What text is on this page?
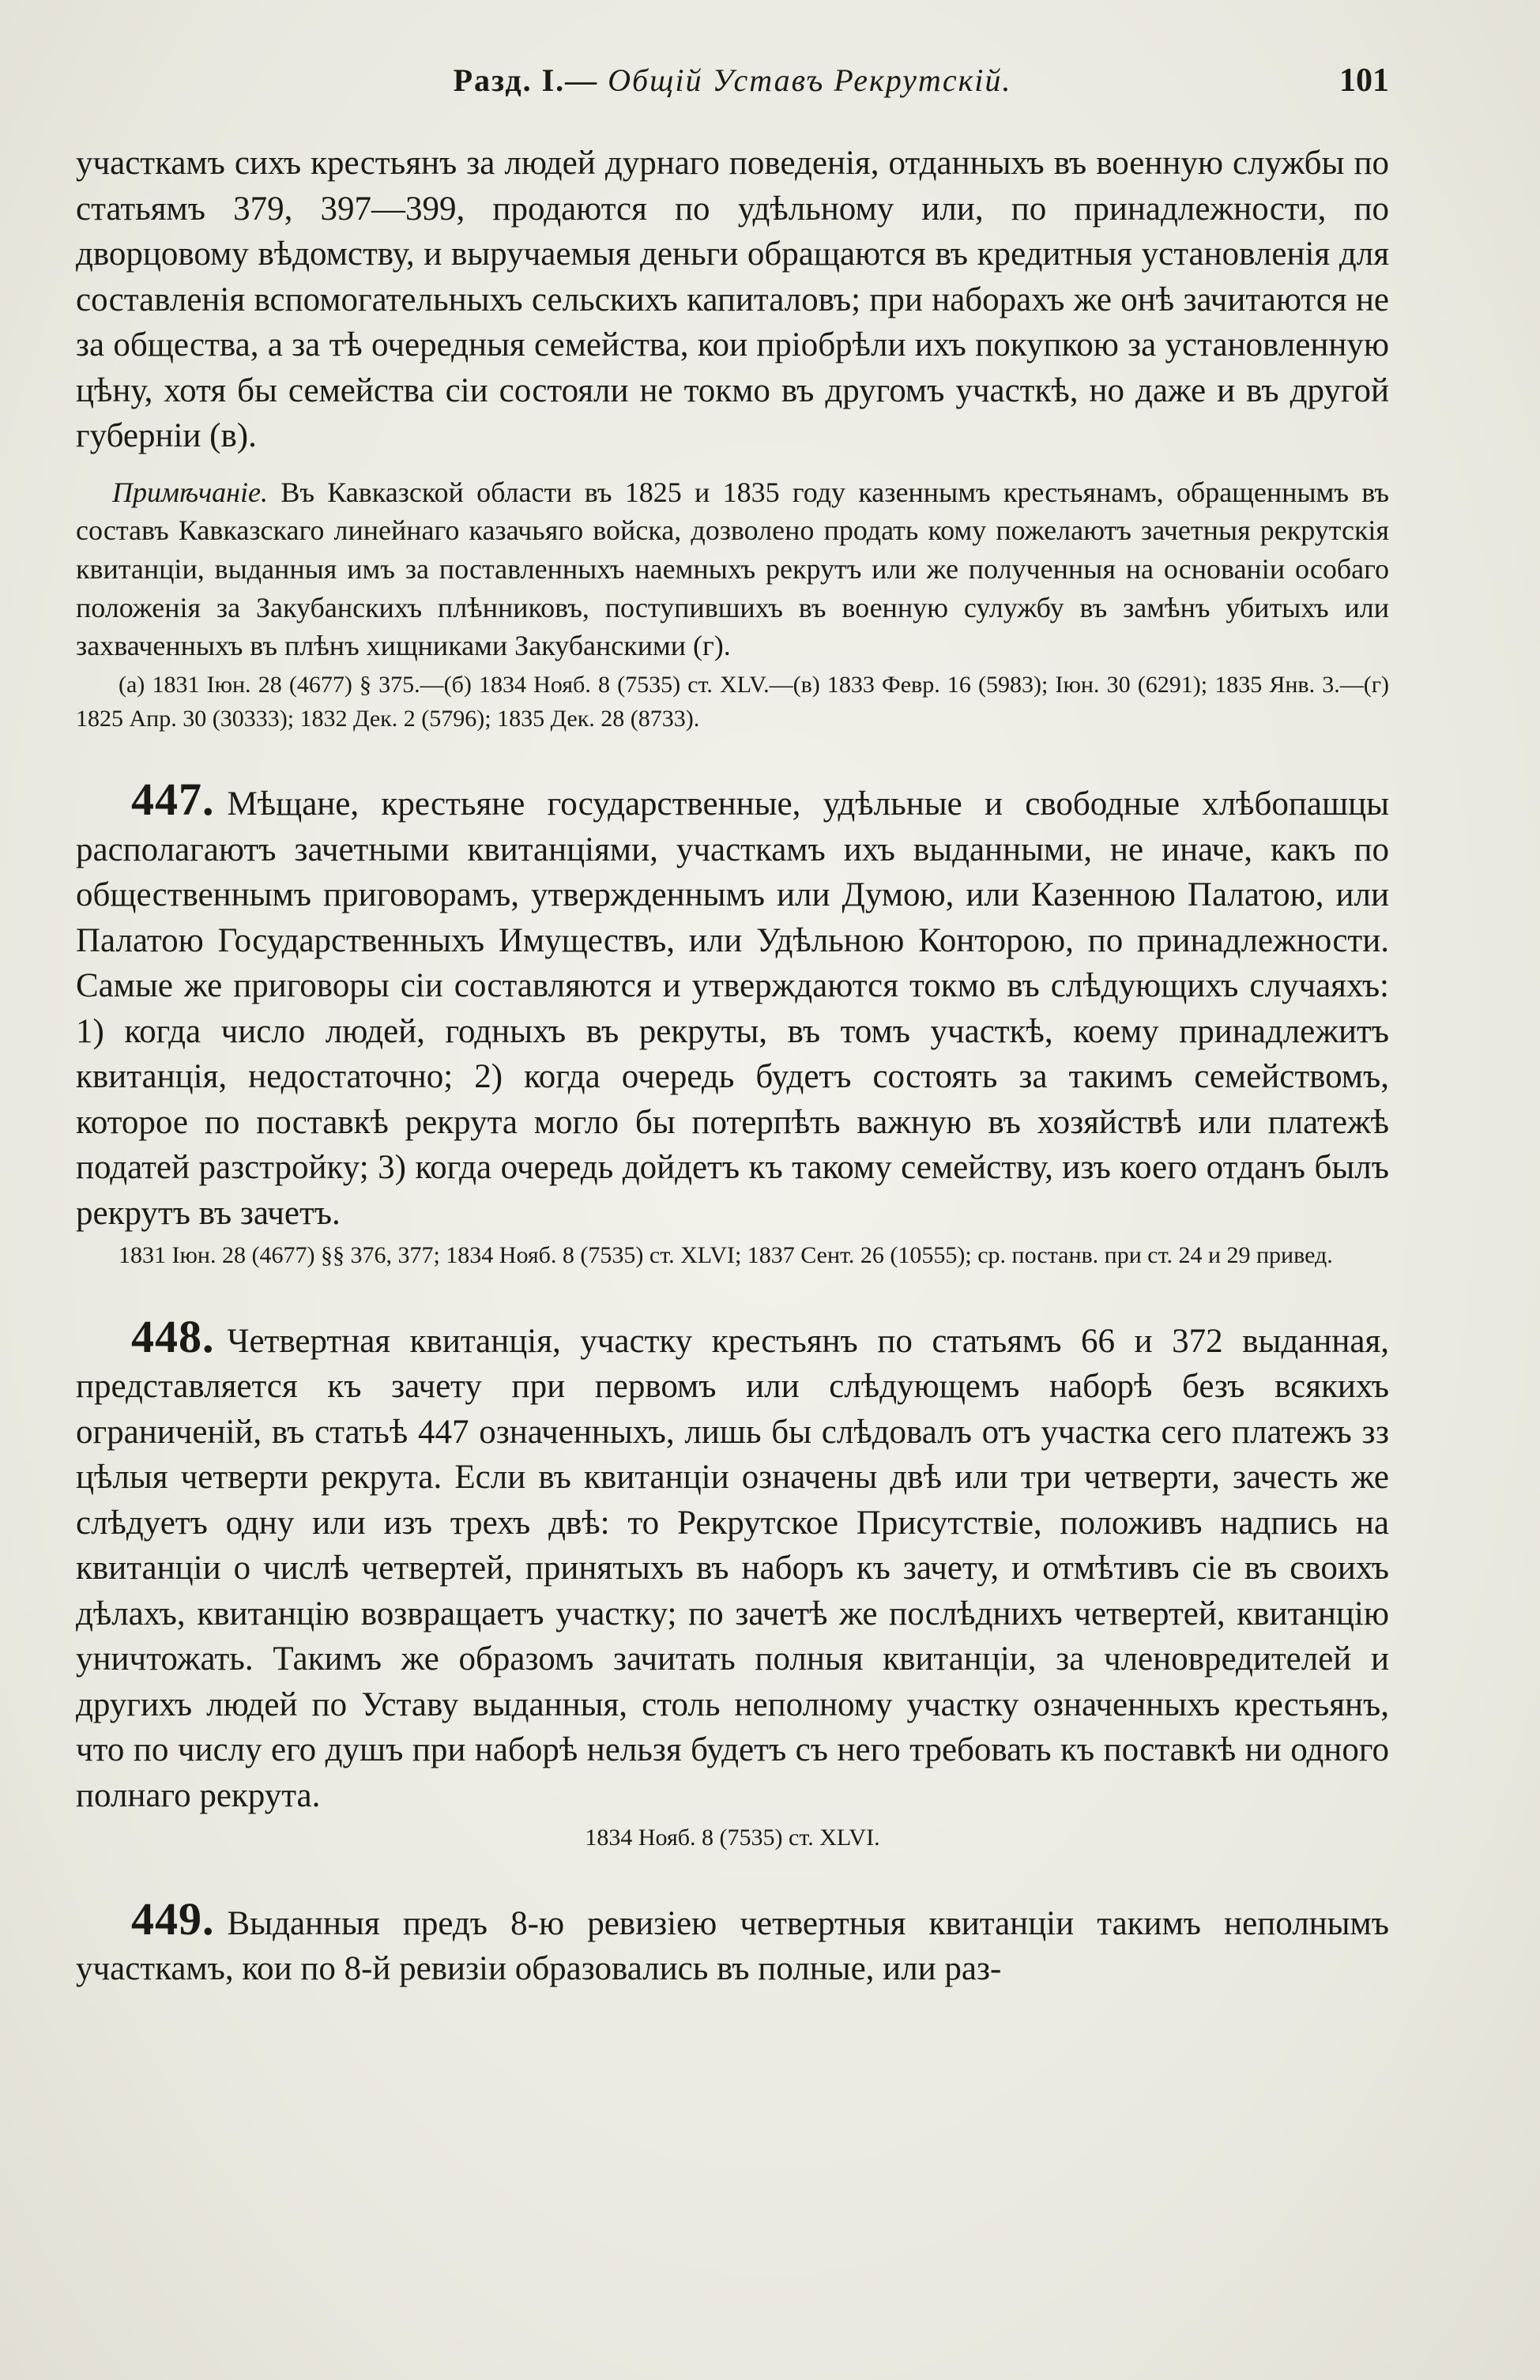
Разд. I.— Общій Уставъ Рекрутскій.	101

участкамъ сихъ крестьянъ за людей дурнаго поведенія, отданныхъ въ военную службы по статьямъ 379, 397—399, продаются по удѣльному или, по принадлежности, по дворцовому вѣдомству, и выручаемыя деньги обращаются въ кредитныя установленія для составленія вспомогательныхъ сельскихъ капиталовъ; при наборахъ же онѣ зачитаются не за общества, а за тѣ очередныя семейства, кои пріобрѣли ихъ покупкою за установленную цѣну, хотя бы семейства сіи состояли не токмо въ другомъ участкѣ, но даже и въ другой губерніи (в).

Примѣчаніе. Въ Кавказской области въ 1825 и 1835 году казеннымъ крестьянамъ, обращеннымъ въ составъ Кавказскаго линейнаго казачьяго войска, дозволено продать кому пожелаютъ зачетныя рекрутскія квитанціи, выданныя имъ за поставленныхъ наемныхъ рекрутъ или же полученныя на основаніи особаго положенія за Закубанскихъ плѣнниковъ, поступившихъ въ военную сулужбу въ замѣнъ убитыхъ или захваченныхъ въ плѣнъ хищниками Закубанскими (г).

(а) 1831 Іюн. 28 (4677) § 375.—(б) 1834 Нояб. 8 (7535) ст. XLV.—(в) 1833 Февр. 16 (5983); Іюн. 30 (6291); 1835 Янв. 3.—(г) 1825 Апр. 30 (30333); 1832 Дек. 2 (5796); 1835 Дек. 28 (8733).

447. Мѣщане, крестьяне государственные, удѣльные и свободные хлѣбопашцы располагаютъ зачетными квитанціями, участкамъ ихъ выданными, не иначе, какъ по общественнымъ приговорамъ, утвержденнымъ или Думою, или Казенною Палатою, или Палатою Государственныхъ Имуществъ, или Удѣльною Конторою, по принадлежности. Самые же приговоры сіи составляются и утверждаются токмо въ слѣдующихъ случаяхъ: 1) когда число людей, годныхъ въ рекруты, въ томъ участкѣ, коему принадлежитъ квитанція, недостаточно; 2) когда очередь будетъ состоять за такимъ семействомъ, которое по поставкѣ рекрута могло бы потерпѣть важную въ хозяйствѣ или платежѣ податей разстройку; 3) когда очередь дойдетъ къ такому семейству, изъ коего отданъ былъ рекрутъ въ зачетъ.

1831 Іюн. 28 (4677) §§ 376, 377; 1834 Нояб. 8 (7535) ст. XLVI; 1837 Сент. 26 (10555); ср. постанв. при ст. 24 и 29 привед.

448. Четвертная квитанція, участку крестьянъ по статьямъ 66 и 372 выданная, представляется къ зачету при первомъ или слѣдующемъ наборѣ безъ всякихъ ограниченій, въ статьѣ 447 означенныхъ, лишь бы слѣдовалъ отъ участка сего платежъ зз цѣлыя четверти рекрута. Если въ квитанціи означены двѣ или три четверти, зачесть же слѣдуетъ одну или изъ трехъ двѣ: то Рекрутское Присутствіе, положивъ надпись на квитанціи о числѣ четвертей, принятыхъ въ наборъ къ зачету, и отмѣтивъ сіе въ своихъ дѣлахъ, квитанцію возвращаетъ участку; по зачетѣ же послѣднихъ четвертей, квитанцію уничтожать. Такимъ же образомъ зачитать полныя квитанціи, за членовредителей и другихъ людей по Уставу выданныя, столь неполному участку означенныхъ крестьянъ, что по числу его душъ при наборѣ нельзя будетъ съ него требовать къ поставкѣ ни одного полнаго рекрута.

1834 Нояб. 8 (7535) ст. XLVI.

449. Выданныя предъ 8-ю ревизіею четвертныя квитанціи такимъ неполнымъ участкамъ, кои по 8-й ревизіи образовались въ полные, или раз-
